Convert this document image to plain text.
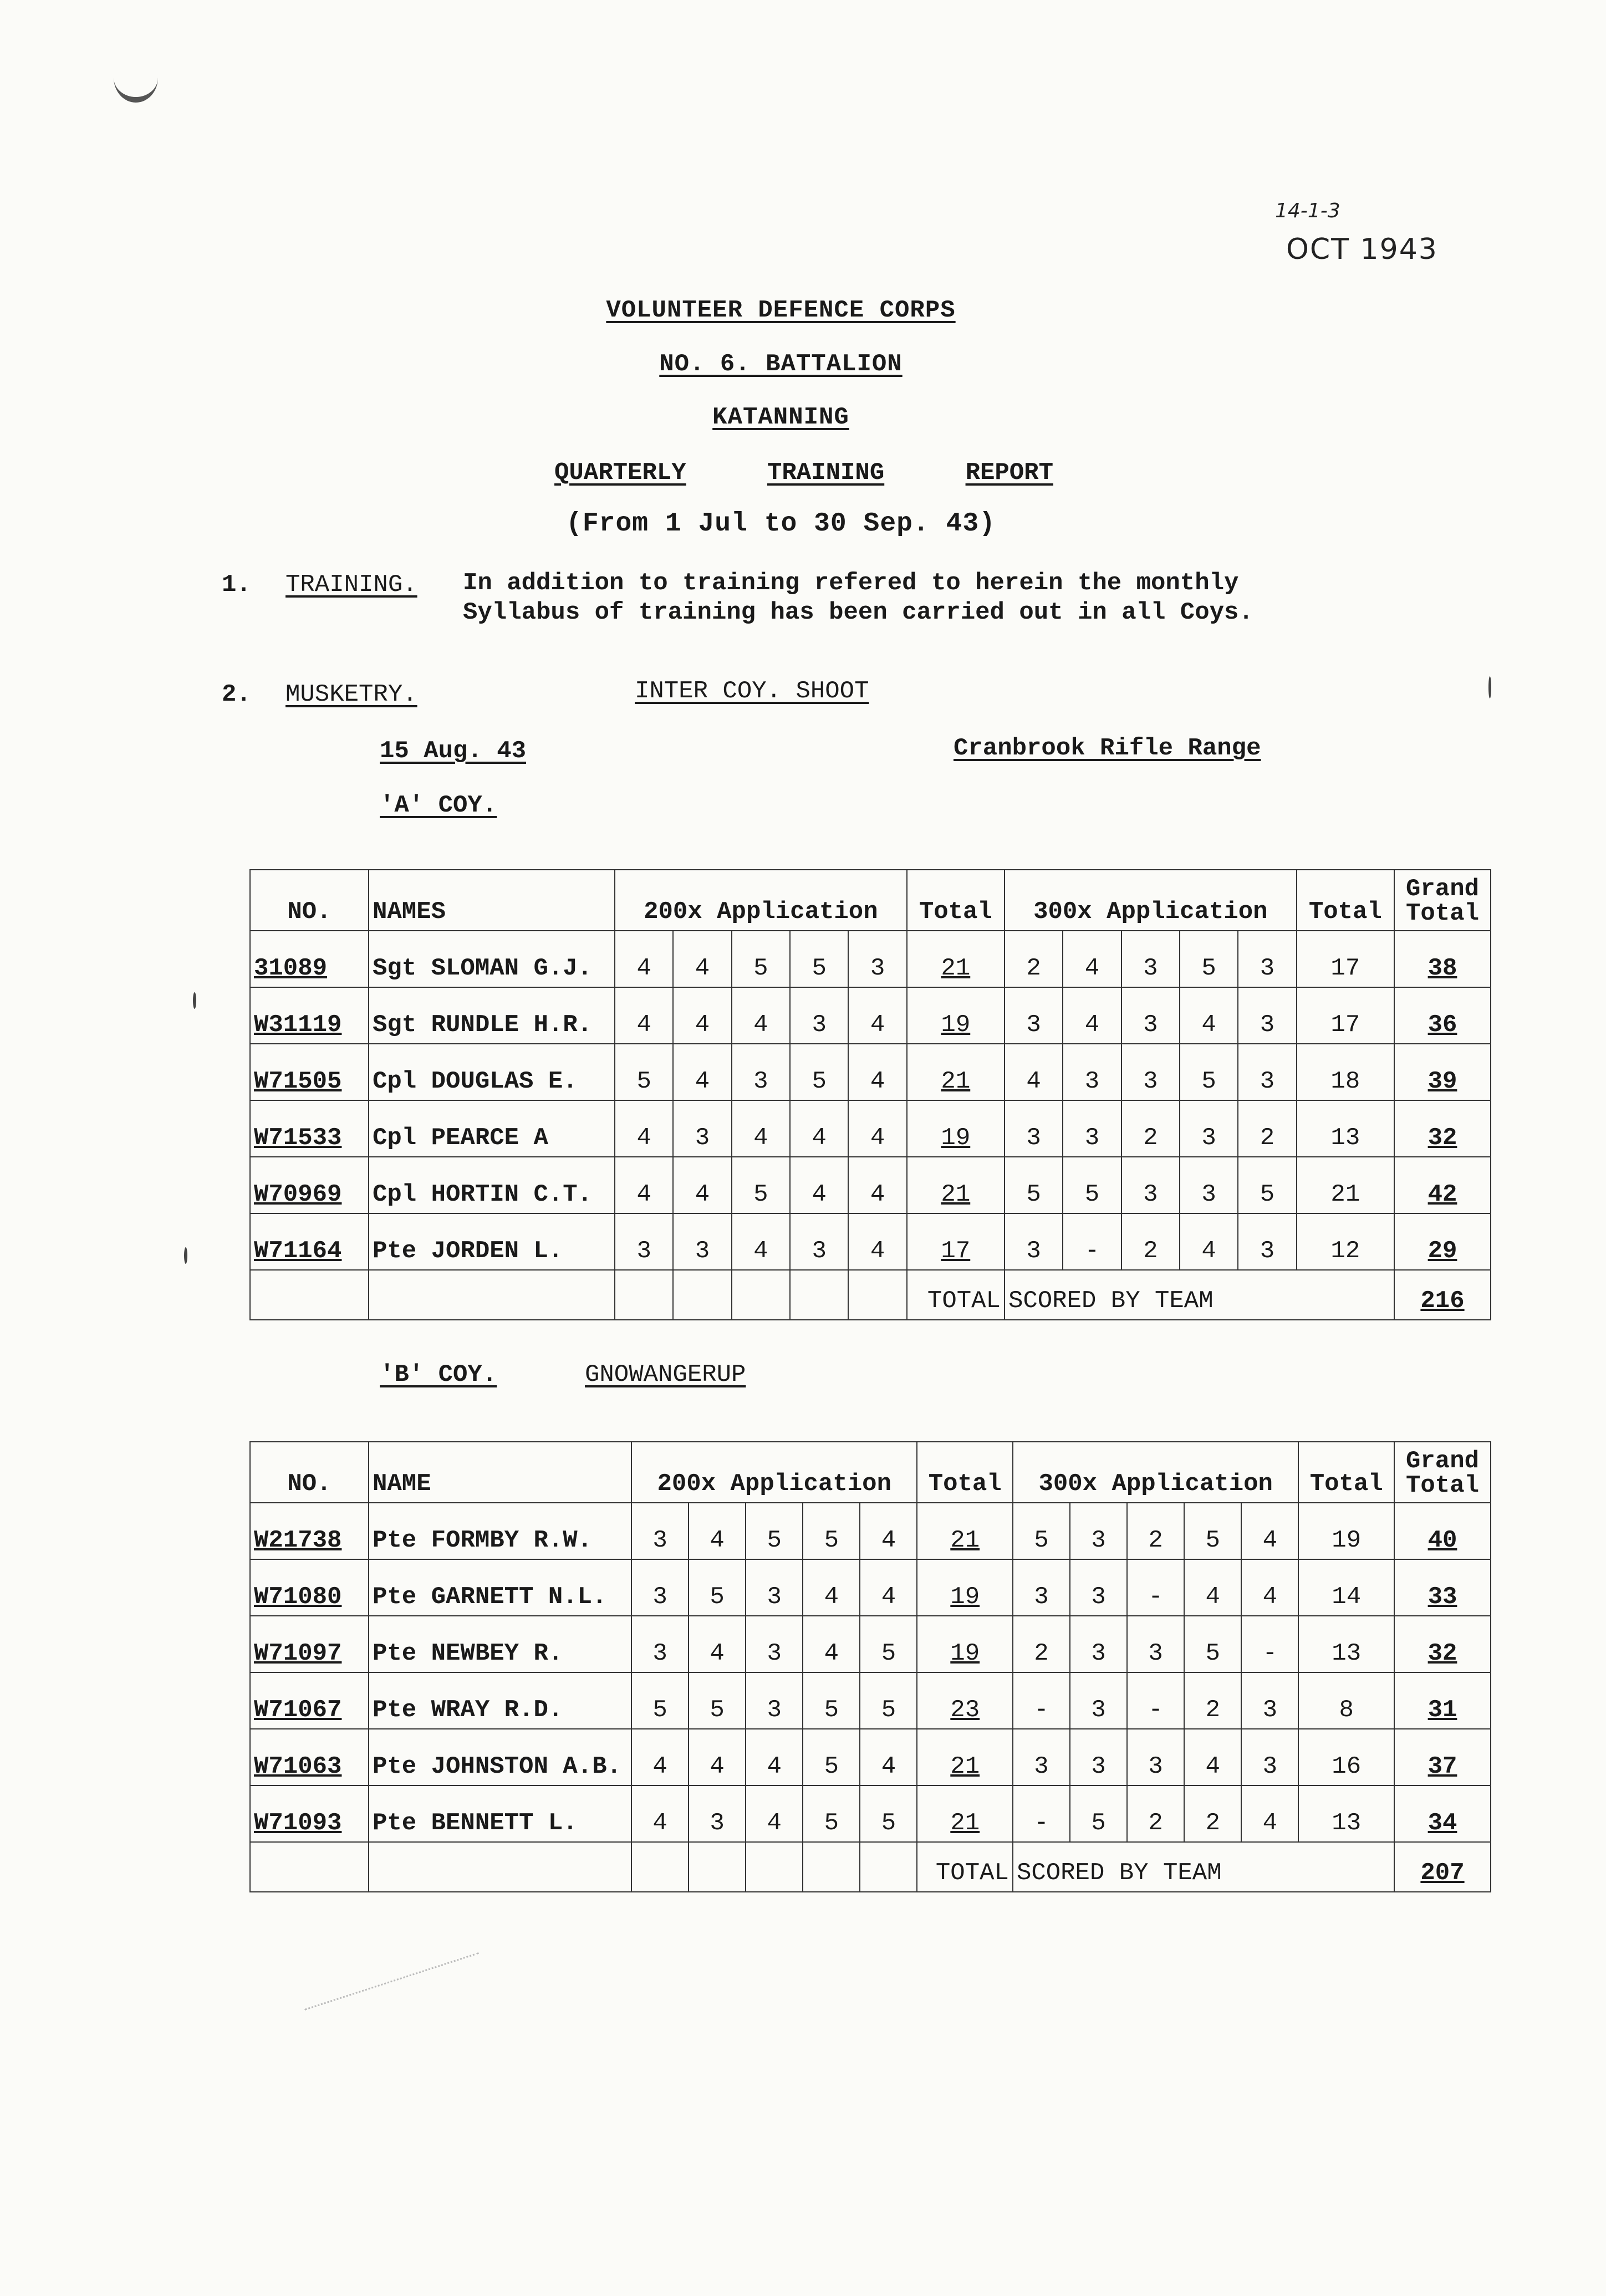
14-1-3
OCT 1943
VOLUNTEER DEFENCE CORPS
NO. 6. BATTALION
KATANNING
QUARTERLY	TRAINING	REPORT
(From 1 Jul to 30 Sep. 43)
1. TRAINING. In addition to training refered to herein the monthly
Syllabus of training has been carried out in all Coys.
2. MUSKETRY.	INTER COY. SHOOT
15 Aug. 43	Cranbrook Rifle Range
'A' COY.
NO.	NAMES	200x Application					Total	300x Application					Total	Grand Total
31089	Sgt SLOMAN G.J.	4	4	5	5	3	21	2	4	3	5	3	17	38
W31119	Sgt RUNDLE H.R.	4	4	4	3	4	19	3	4	3	4	3	17	36
W71505	Cpl DOUGLAS E.	5	4	3	5	4	21	4	3	3	5	3	18	39
W71533	Cpl PEARCE A	4	3	4	4	4	19	3	3	2	3	2	13	32
W70969	Cpl HORTIN C.T.	4	4	5	4	4	21	5	5	3	3	5	21	42
W71164	Pte JORDEN L.	3	3	4	3	4	17	3	-	2	4	3	12	29
							TOTAL	SCORED BY TEAM						216
'B' COY.	GNOWANGERUP
NO.	NAME	200x Application					Total	300x Application					Total	Grand Total
W21738	Pte FORMBY R.W.	3	4	5	5	4	21	5	3	2	5	4	19	40
W71080	Pte GARNETT N.L.	3	5	3	4	4	19	3	3	-	4	4	14	33
W71097	Pte NEWBEY R.	3	4	3	4	5	19	2	3	3	5	-	13	32
W71067	Pte WRAY R.D.	5	5	3	5	5	23	-	3	-	2	3	8	31
W71063	Pte JOHNSTON A.B.	4	4	4	5	4	21	3	3	3	4	3	16	37
W71093	Pte BENNETT L.	4	3	4	5	5	21	-	5	2	2	4	13	34
							TOTAL	SCORED BY TEAM						207
